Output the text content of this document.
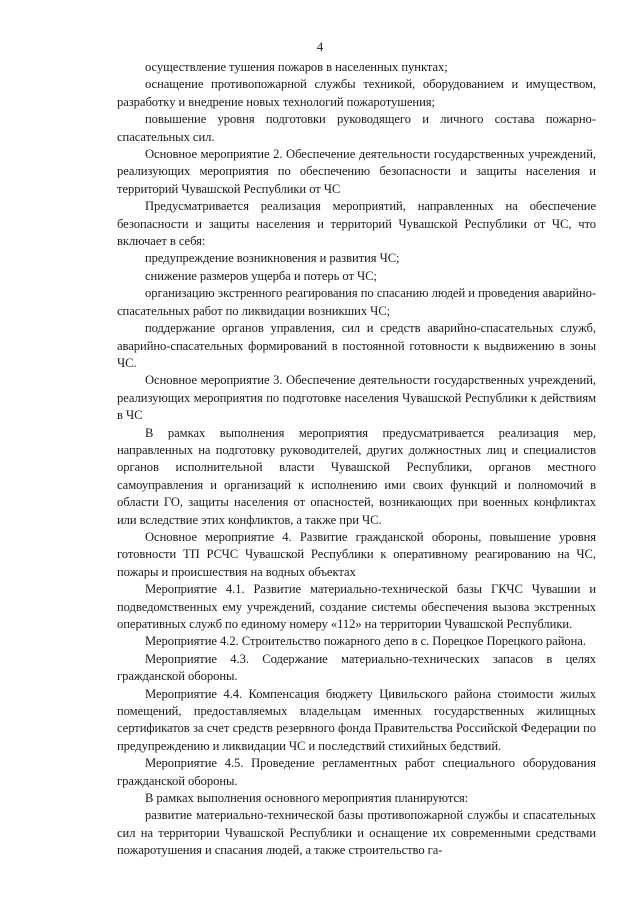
4

осуществление тушения пожаров в населенных пунктах;

оснащение противопожарной службы техникой, оборудованием и имуществом, разработку и внедрение новых технологий пожаротушения;

повышение уровня подготовки руководящего и личного состава пожарноспасательных сил.

Основное мероприятие 2. Обеспечение деятельности государственных учреждений, реализующих мероприятия по обеспечению безопасности и защиты населения и территорий Чувашской Республики от ЧС

Предусматривается реализация мероприятий, направленных на обеспечение безопасности и защиты населения и территорий Чувашской Республики от ЧС, что включает в себя:

предупреждение возникновения и развития ЧС;

снижение размеров ущерба и потерь от ЧС;

организацию экстренного реагирования по спасанию людей и проведения аварийно-спасательных работ по ликвидации возникших ЧС;

поддержание органов управления, сил и средств аварийно-спасательных служб, аварийно-спасательных формирований в постоянной готовности к выдвижению в зоны ЧС.

Основное мероприятие 3. Обеспечение деятельности государственных учреждений, реализующих мероприятия по подготовке населения Чувашской Республики к действиям в ЧС

В рамках выполнения мероприятия предусматривается реализация мер, направленных на подготовку руководителей, других должностных лиц и специалистов органов исполнительной власти Чувашской Республики, органов местного самоуправления и организаций к исполнению ими своих функций и полномочий в области ГО, защиты населения от опасностей, возникающих при военных конфликтах или вследствие этих конфликтов, а также при ЧС.

Основное мероприятие 4. Развитие гражданской обороны, повышение уровня готовности ТП РСЧС Чувашской Республики к оперативному реагированию на ЧС, пожары и происшествия на водных объектах

Мероприятие 4.1. Развитие материально-технической базы ГКЧС Чувашии и подведомственных ему учреждений, создание системы обеспечения вызова экстренных оперативных служб по единому номеру «112» на территории Чувашской Республики.

Мероприятие 4.2. Строительство пожарного депо в с. Порецкое Порецкого района.

Мероприятие 4.3. Содержание материально-технических запасов в целях гражданской обороны.

Мероприятие 4.4. Компенсация бюджету Цивильского района стоимости жилых помещений, предоставляемых владельцам именных государственных жилищных сертификатов за счет средств резервного фонда Правительства Российской Федерации по предупреждению и ликвидации ЧС и последствий стихийных бедствий.

Мероприятие 4.5. Проведение регламентных работ специального оборудования гражданской обороны.

В рамках выполнения основного мероприятия планируются:

развитие материально-технической базы противопожарной службы и спасательных сил на территории Чувашской Республики и оснащение их современными средствами пожаротушения и спасания людей, а также строительство га-
